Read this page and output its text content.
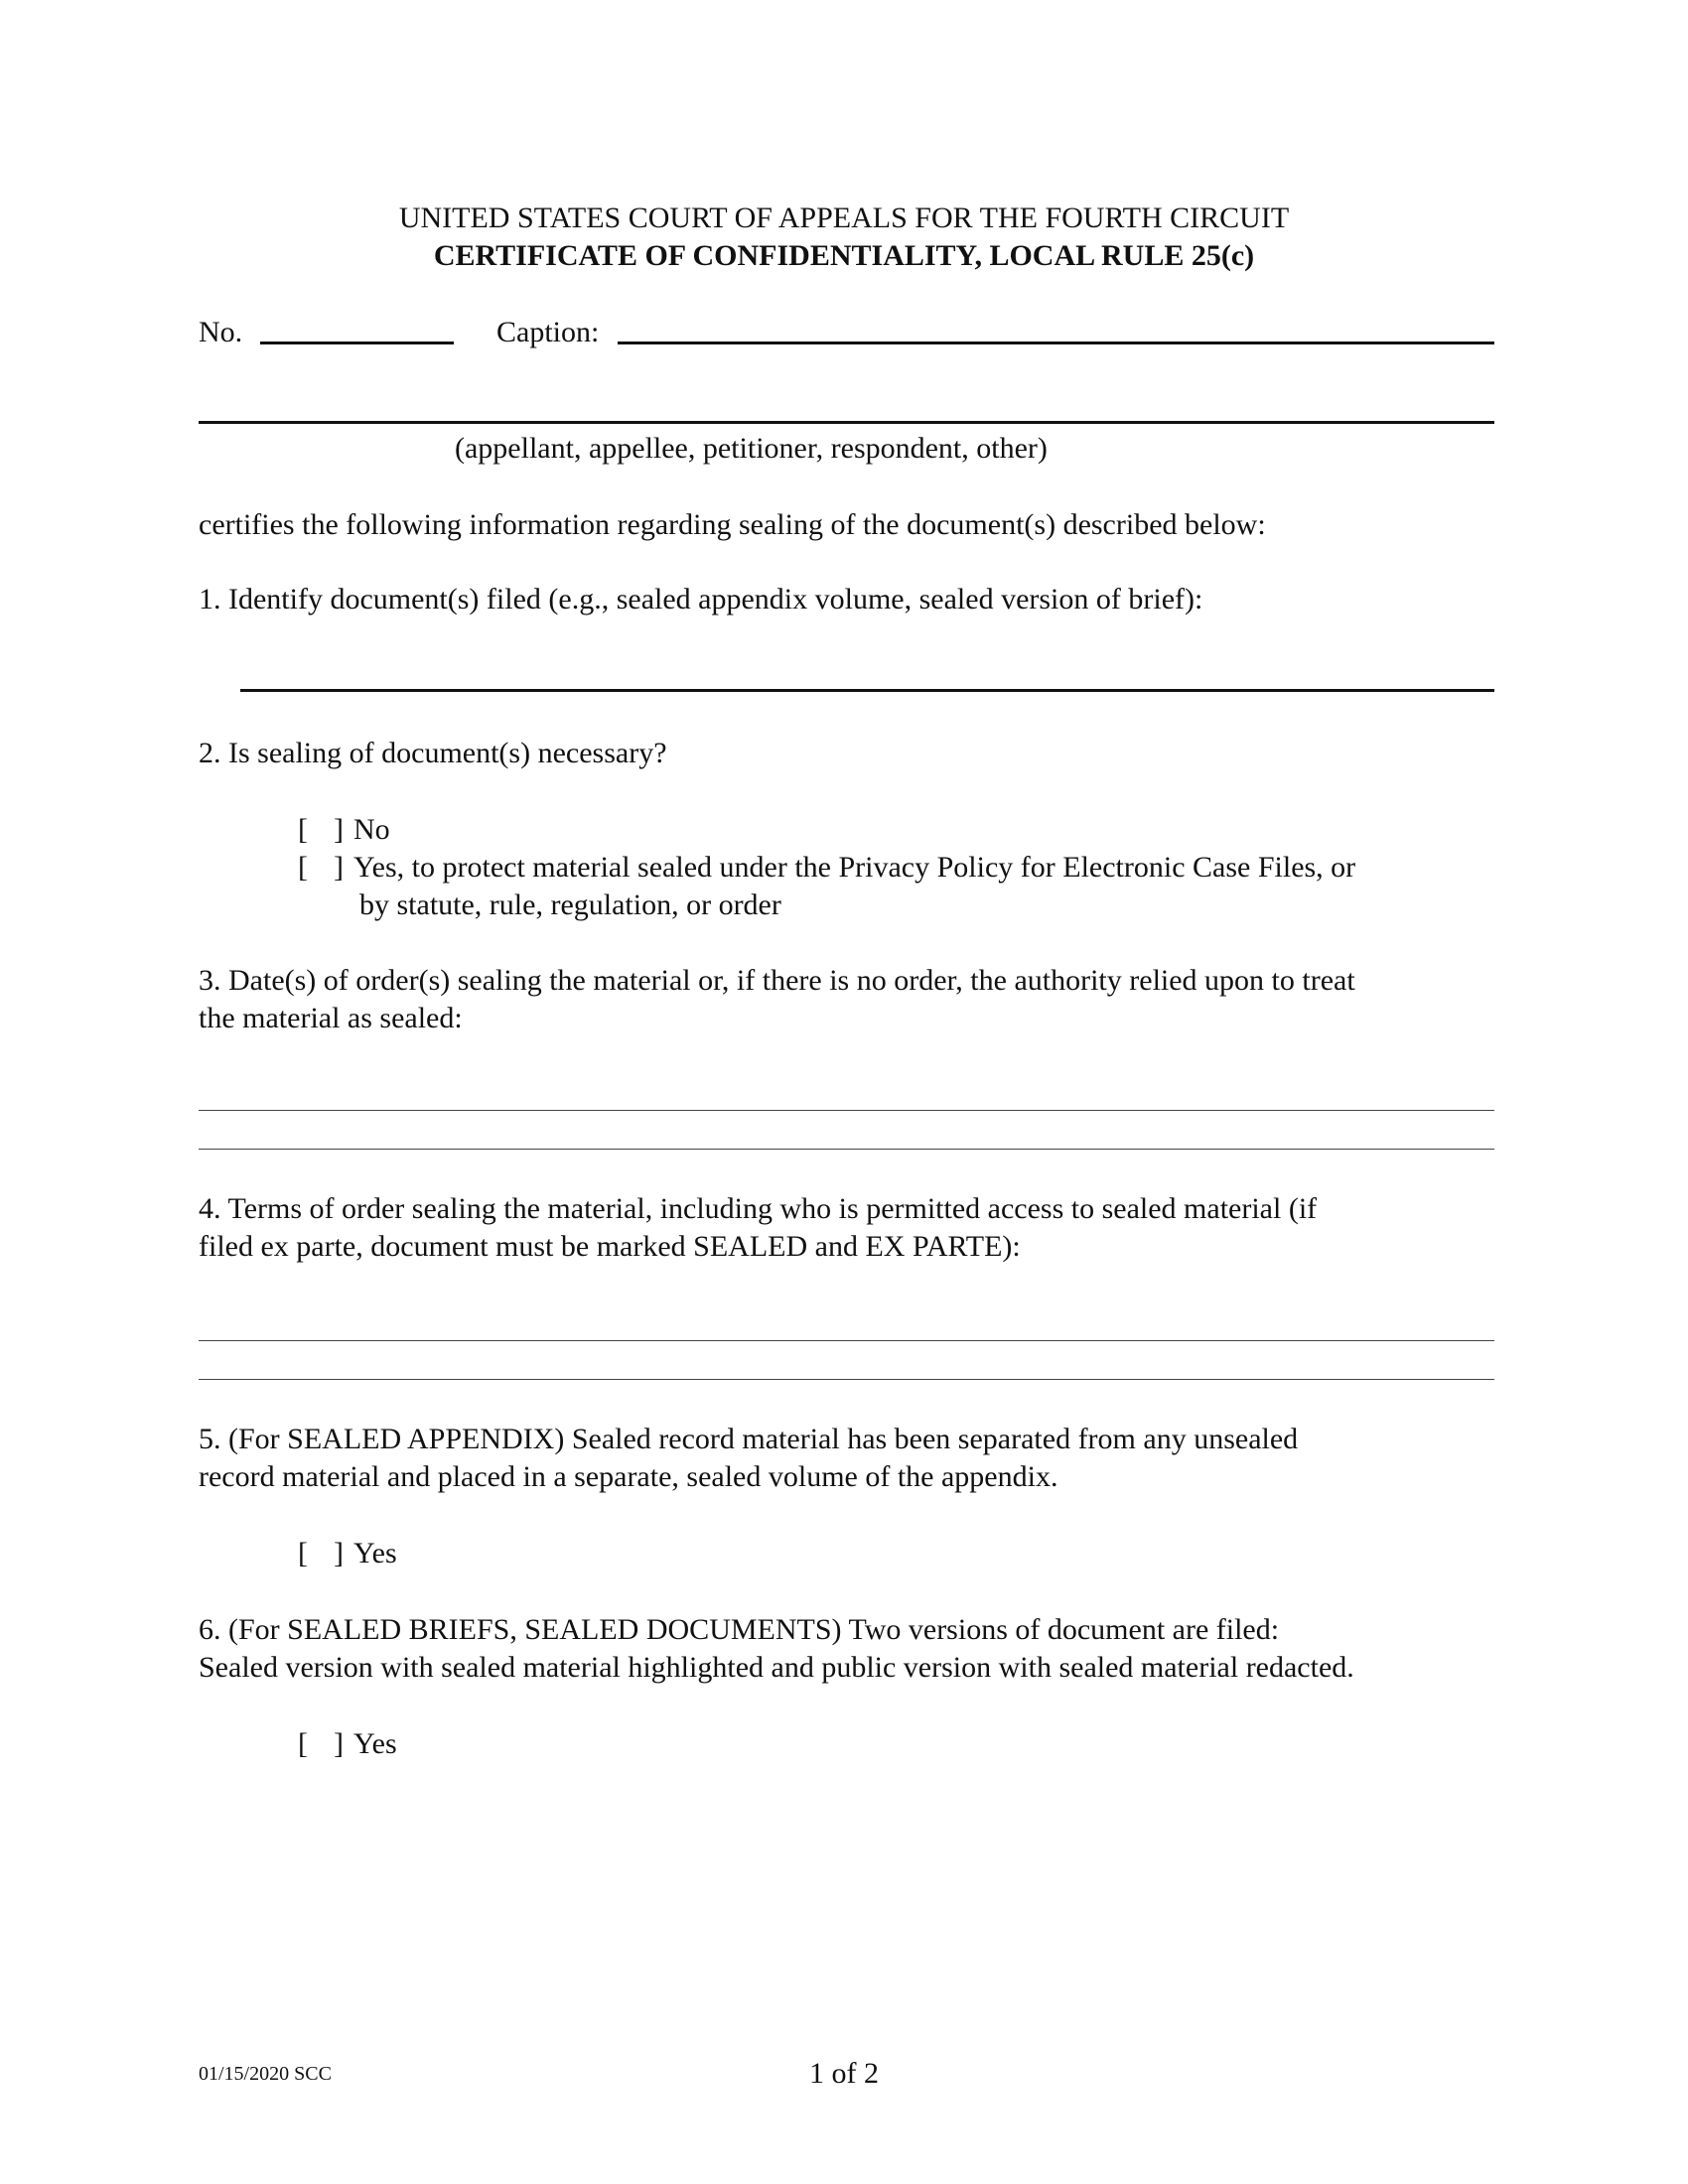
UNITED STATES COURT OF APPEALS FOR THE FOURTH CIRCUIT
CERTIFICATE OF CONFIDENTIALITY, LOCAL RULE 25(c)
No.	Caption:
(appellant, appellee, petitioner, respondent, other)
certifies the following information regarding sealing of the document(s) described below:
1. Identify document(s) filed (e.g., sealed appendix volume, sealed version of brief):
2. Is sealing of document(s) necessary?
[ ] No
[ ] Yes, to protect material sealed under the Privacy Policy for Electronic Case Files, or
by statute, rule, regulation, or order
3. Date(s) of order(s) sealing the material or, if there is no order, the authority relied upon to treat
the material as sealed:
4. Terms of order sealing the material, including who is permitted access to sealed material (if
filed ex parte, document must be marked SEALED and EX PARTE):
5. (For SEALED APPENDIX) Sealed record material has been separated from any unsealed
record material and placed in a separate, sealed volume of the appendix.
[ ] Yes
6. (For SEALED BRIEFS, SEALED DOCUMENTS) Two versions of document are filed:
Sealed version with sealed material highlighted and public version with sealed material redacted.
[ ] Yes
01/15/2020 SCC	1 of 2
